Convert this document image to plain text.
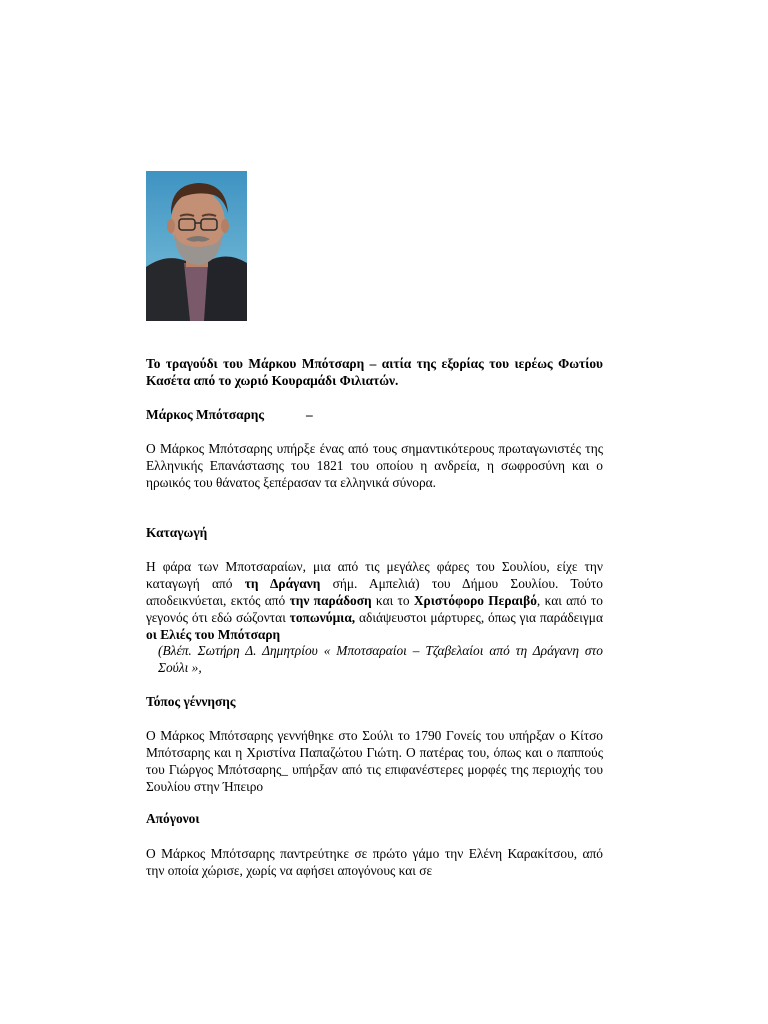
Το τραγούδι του Μάρκου Μπότσαρη – αιτία της εξορίας του ιερέως Φωτίου Κασέτα από το χωριό Κουραμάδι Φιλιατών.

Μάρκος Μπότσαρης	–

Ο Μάρκος Μπότσαρης υπήρξε ένας από τους σημαντικότερους πρωταγωνιστές της Ελληνικής Επανάστασης του 1821 του οποίου η ανδρεία, η σωφροσύνη και ο ηρωικός του θάνατος ξεπέρασαν τα ελληνικά σύνορα.

Καταγωγή

Η φάρα των Μποτσαραίων, μια από τις μεγάλες φάρες του Σουλίου, είχε την καταγωγή από τη Δράγανη σήμ. Αμπελιά) του Δήμου Σουλίου. Τούτο αποδεικνύεται, εκτός από την παράδοση και το Χριστόφορο Περαιβό, και από το γεγονός ότι εδώ σώζονται τοπωνύμια, αδιάψευστοι μάρτυρες, όπως για παράδειγμα οι Ελιές του Μπότσαρη

(Βλέπ. Σωτήρη Δ. Δημητρίου « Μποτσαραίοι – Τζαβελαίοι από τη Δράγανη στο Σούλι »,

Τόπος γέννησης

Ο Μάρκος Μπότσαρης γεννήθηκε στο Σούλι το 1790 Γονείς του υπήρξαν ο Κίτσο Μπότσαρης και η Χριστίνα Παπαζώτου Γιώτη. Ο πατέρας του, όπως και ο παππούς του Γιώργος Μπότσαρης_ υπήρξαν από τις επιφανέστερες μορφές της περιοχής του Σουλίου στην Ήπειρο

Απόγονοι

Ο Μάρκος Μπότσαρης παντρεύτηκε σε πρώτο γάμο την Ελένη Καρακίτσου, από την οποία χώρισε, χωρίς να αφήσει απογόνους και σε
